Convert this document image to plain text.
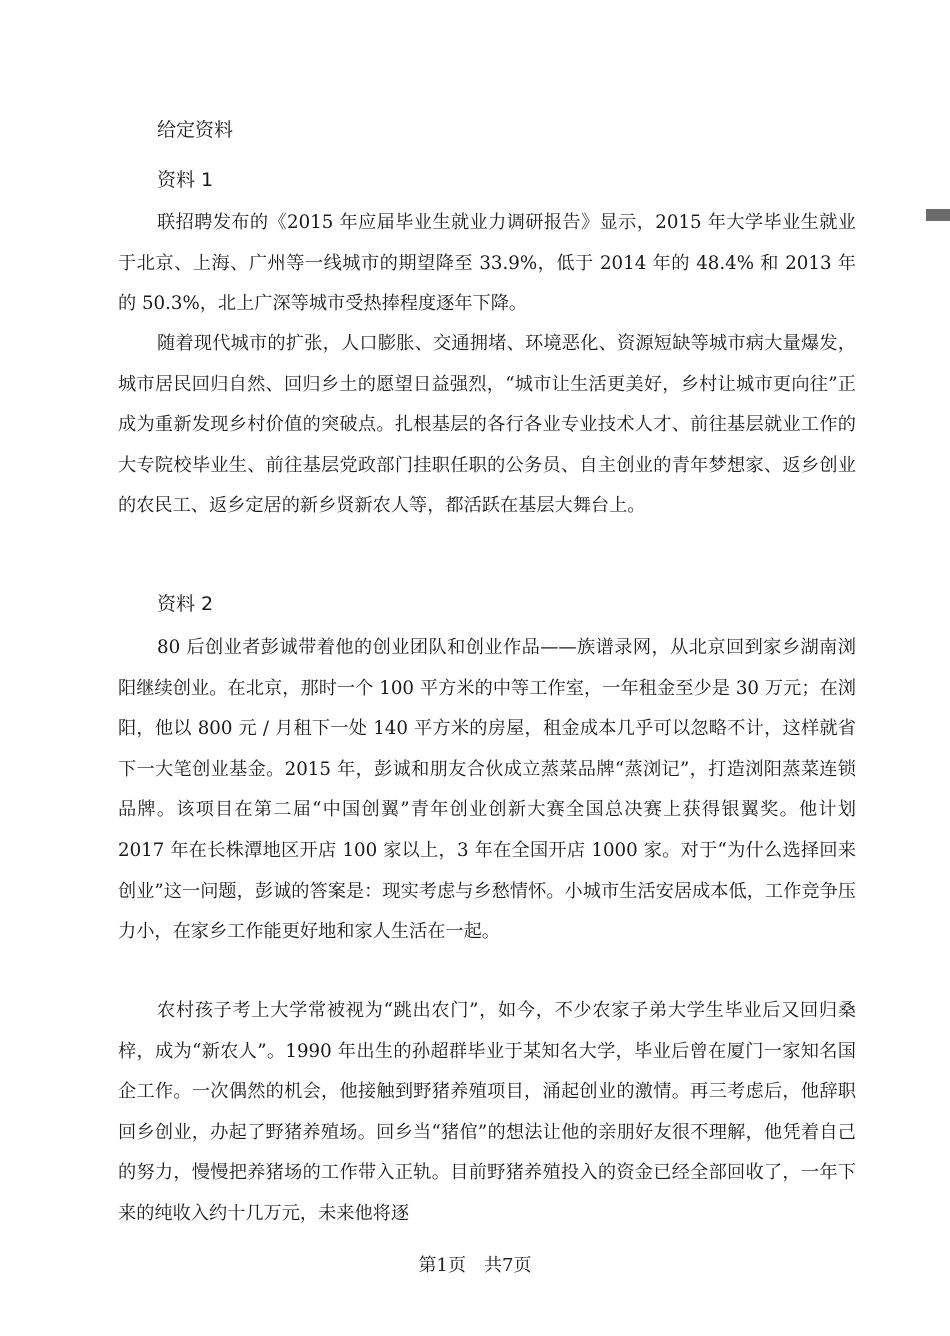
给定资料
资料 1

联招聘发布的《2015 年应届毕业生就业力调研报告》显示，2015 年大学毕业生就业于北京、上海、广州等一线城市的期望降至 33.9%，低于 2014 年的 48.4% 和 2013 年的 50.3%，北上广深等城市受热捧程度逐年下降。

随着现代城市的扩张，人口膨胀、交通拥堵、环境恶化、资源短缺等城市病大量爆发，城市居民回归自然、回归乡土的愿望日益强烈，“城市让生活更美好，乡村让城市更向往”正成为重新发现乡村价值的突破点。扎根基层的各行各业专业技术人才、前往基层就业工作的大专院校毕业生、前往基层党政部门挂职任职的公务员、自主创业的青年梦想家、返乡创业的农民工、返乡定居的新乡贤新农人等，都活跃在基层大舞台上。

资料 2

80 后创业者彭诚带着他的创业团队和创业作品——族谱录网，从北京回到家乡湖南浏阳继续创业。在北京，那时一个 100 平方米的中等工作室，一年租金至少是 30 万元；在浏阳，他以 800 元 / 月租下一处 140 平方米的房屋，租金成本几乎可以忽略不计，这样就省下一大笔创业基金。2015 年，彭诚和朋友合伙成立蒸菜品牌“蒸浏记”，打造浏阳蒸菜连锁品牌。该项目在第二届“中国创翼”青年创业创新大赛全国总决赛上获得银翼奖。他计划 2017 年在长株潭地区开店 100 家以上，3 年在全国开店 1000 家。对于“为什么选择回来创业”这一问题，彭诚的答案是：现实考虑与乡愁情怀。小城市生活安居成本低，工作竞争压力小，在家乡工作能更好地和家人生活在一起。

农村孩子考上大学常被视为“跳出农门”，如今，不少农家子弟大学生毕业后又回归桑梓，成为“新农人”。1990 年出生的孙超群毕业于某知名大学，毕业后曾在厦门一家知名国企工作。一次偶然的机会，他接触到野猪养殖项目，涌起创业的激情。再三考虑后，他辞职回乡创业，办起了野猪养殖场。回乡当“猪倌”的想法让他的亲朋好友很不理解，他凭着自己的努力，慢慢把养猪场的工作带入正轨。目前野猪养殖投入的资金已经全部回收了，一年下来的纯收入约十几万元，未来他将逐

第1页　共7页
